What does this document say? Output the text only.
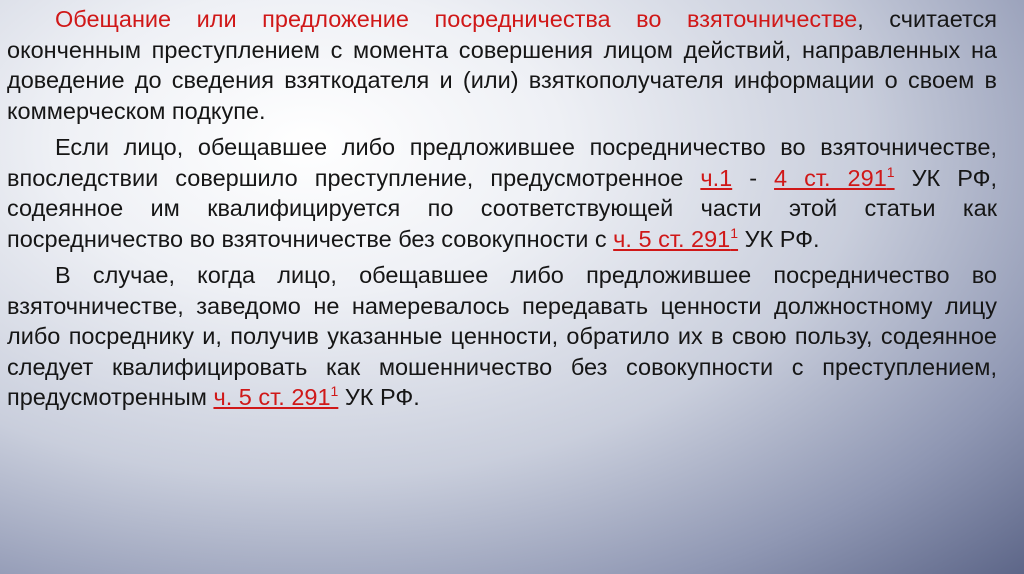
Обещание или предложение посредничества во взяточничестве, считается оконченным преступлением с момента совершения лицом действий, направленных на доведение до сведения взяткодателя и (или) взяткополучателя информации о своем в коммерческом подкупе.

Если лицо, обещавшее либо предложившее посредничество во взяточничестве, впоследствии совершило преступление, предусмотренное ч.1 - 4 ст. $291^1$ УК РФ, содеянное им квалифицируется по соответствующей части этой статьи как посредничество во взяточничестве без совокупности с ч. 5 ст. $291^1$ УК РФ.

В случае, когда лицо, обещавшее либо предложившее посредничество во взяточничестве, заведомо не намеревалось передавать ценности должностному лицу либо посреднику и, получив указанные ценности, обратило их в свою пользу, содеянное следует квалифицировать как мошенничество без совокупности с преступлением, предусмотренным ч. 5 ст. $291^1$ УК РФ.
